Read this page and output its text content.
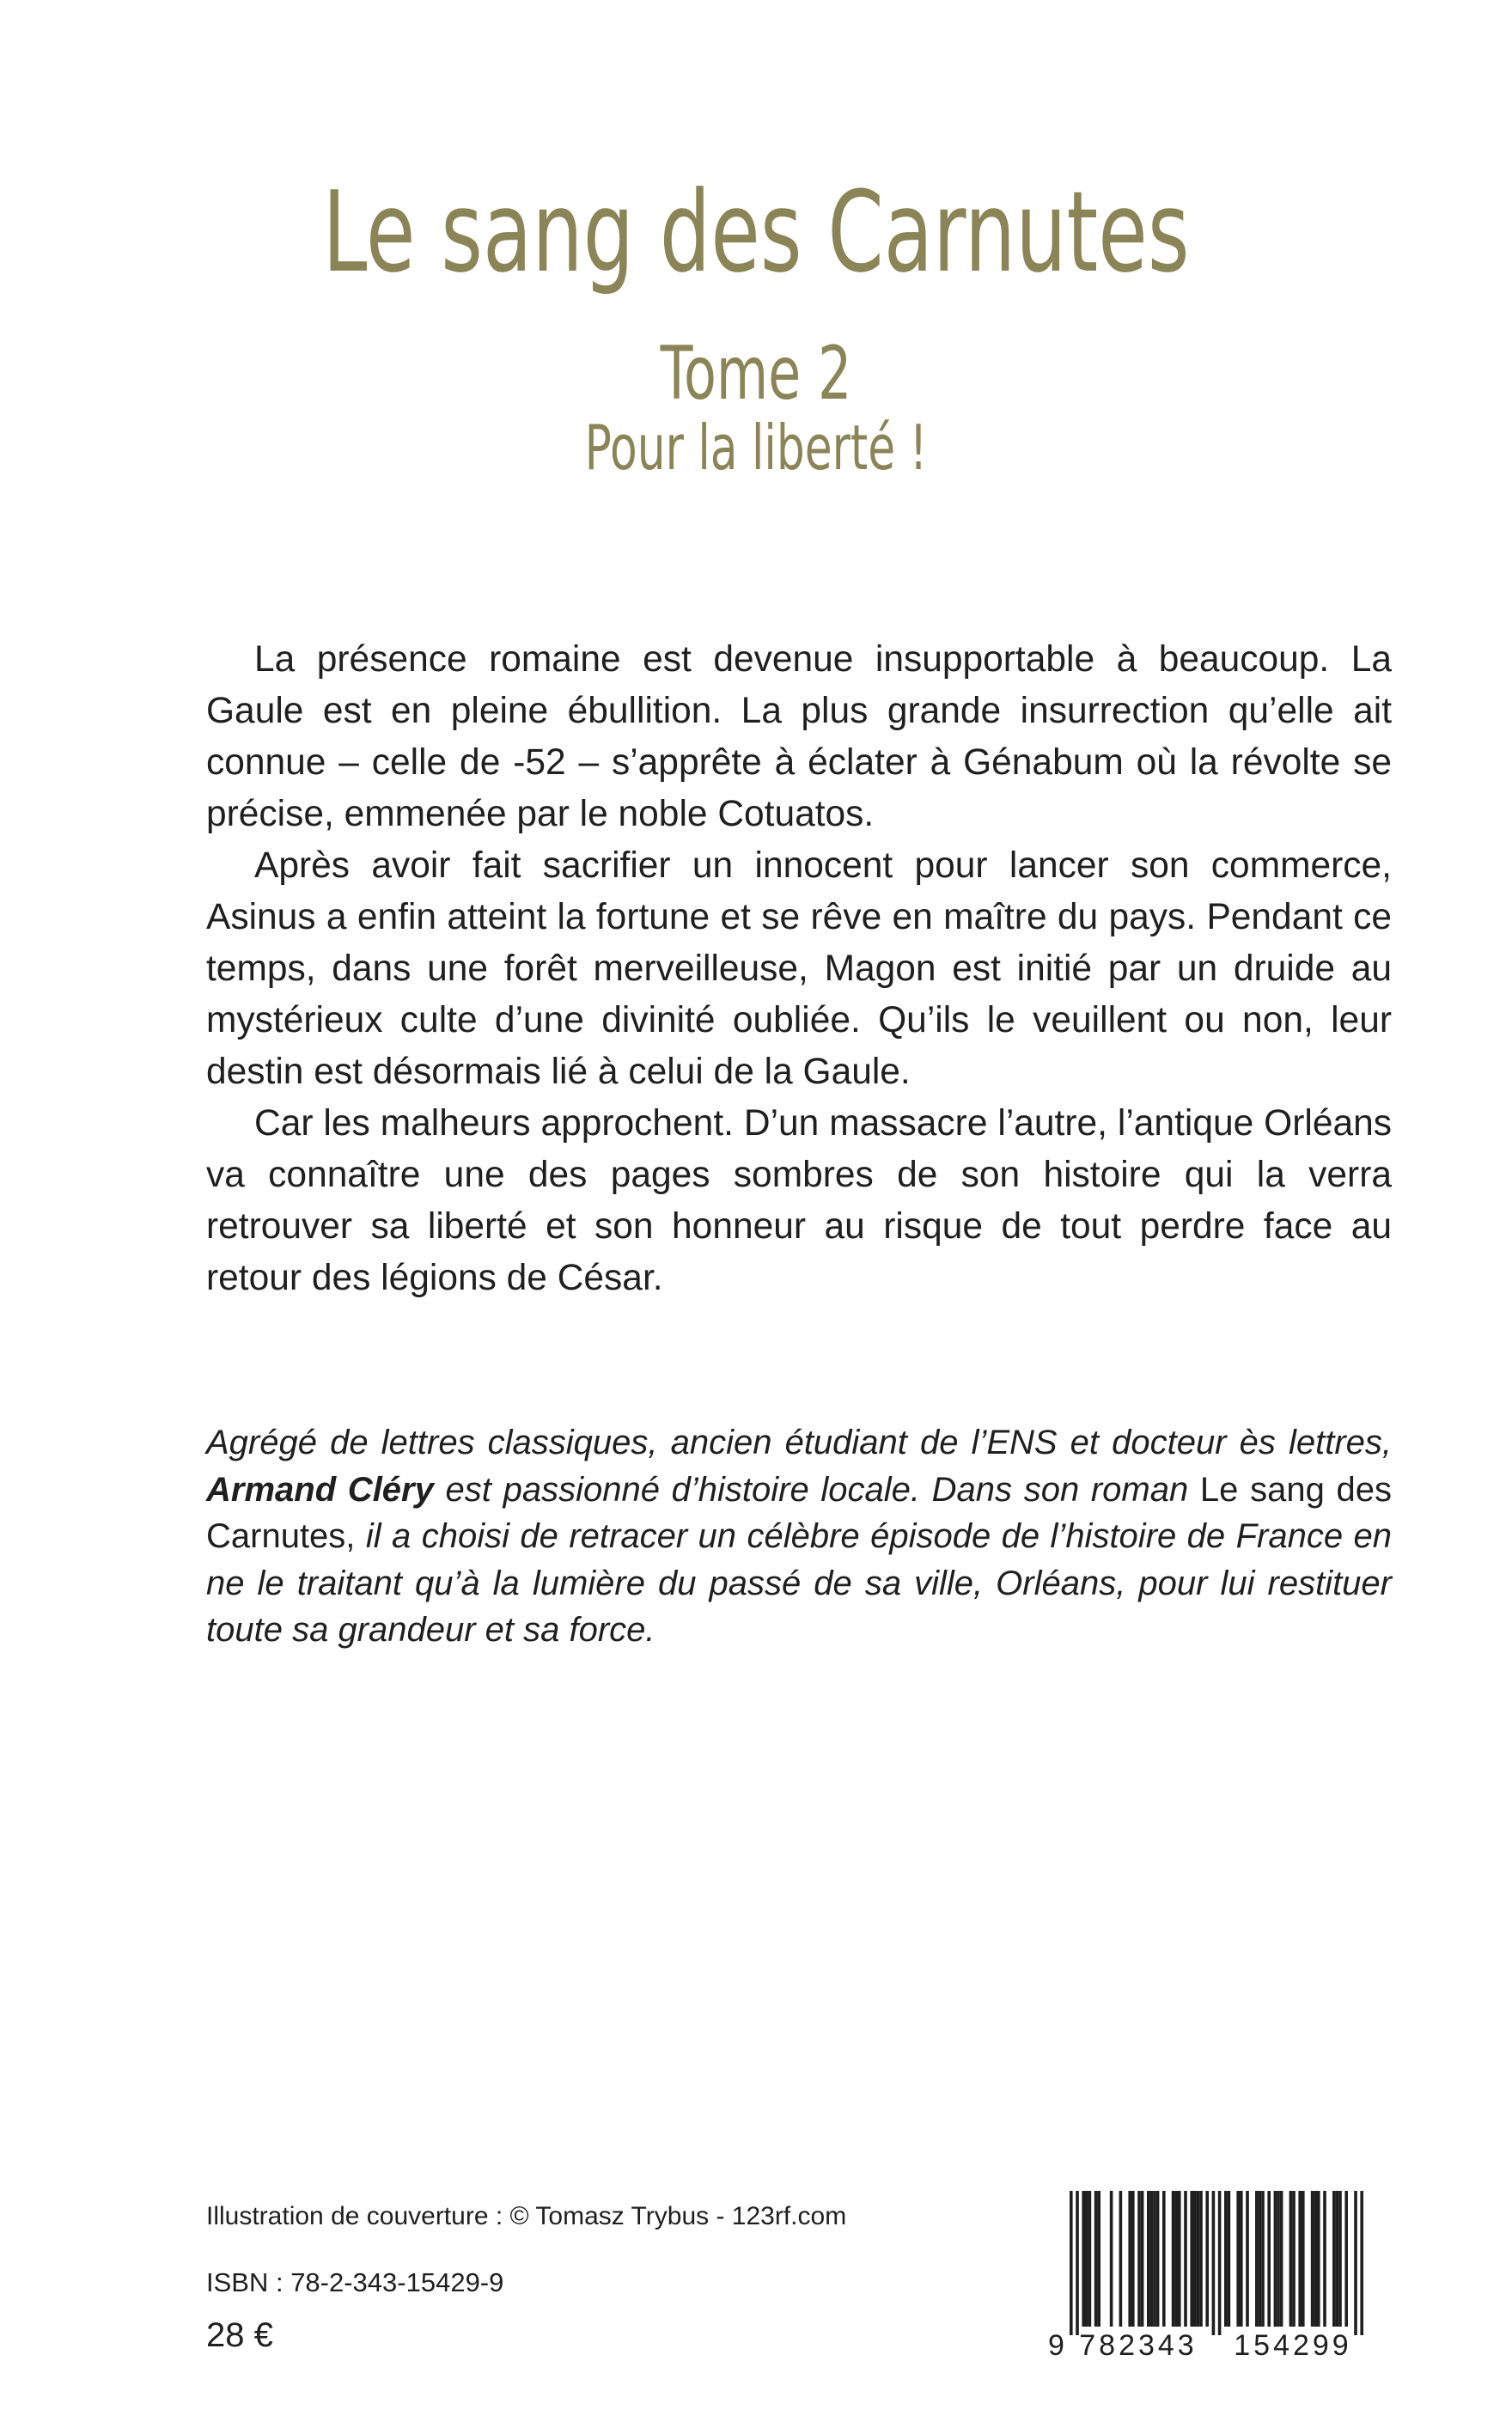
Le sang des Carnutes
Tome 2
Pour la liberté !

La présence romaine est devenue insupportable à beaucoup. La Gaule est en pleine ébullition. La plus grande insurrection qu’elle ait connue – celle de -52 – s’apprête à éclater à Génabum où la révolte se précise, emmenée par le noble Cotuatos.

Après avoir fait sacrifier un innocent pour lancer son commerce, Asinus a enfin atteint la fortune et se rêve en maître du pays. Pendant ce temps, dans une forêt merveilleuse, Magon est initié par un druide au mystérieux culte d’une divinité oubliée. Qu’ils le veuillent ou non, leur destin est désormais lié à celui de la Gaule.

Car les malheurs approchent. D’un massacre l’autre, l’antique Orléans va connaître une des pages sombres de son histoire qui la verra retrouver sa liberté et son honneur au risque de tout perdre face au retour des légions de César.

Agrégé de lettres classiques, ancien étudiant de l’ENS et docteur ès lettres, Armand Cléry est passionné d’histoire locale. Dans son roman Le sang des Carnutes, il a choisi de retracer un célèbre épisode de l’histoire de France en ne le traitant qu’à la lumière du passé de sa ville, Orléans, pour lui restituer toute sa grandeur et sa force.
Illustration de couverture : © Tomasz Trybus - 123rf.com
ISBN : 78-2-343-15429-9
28 €	9 782343 154299
